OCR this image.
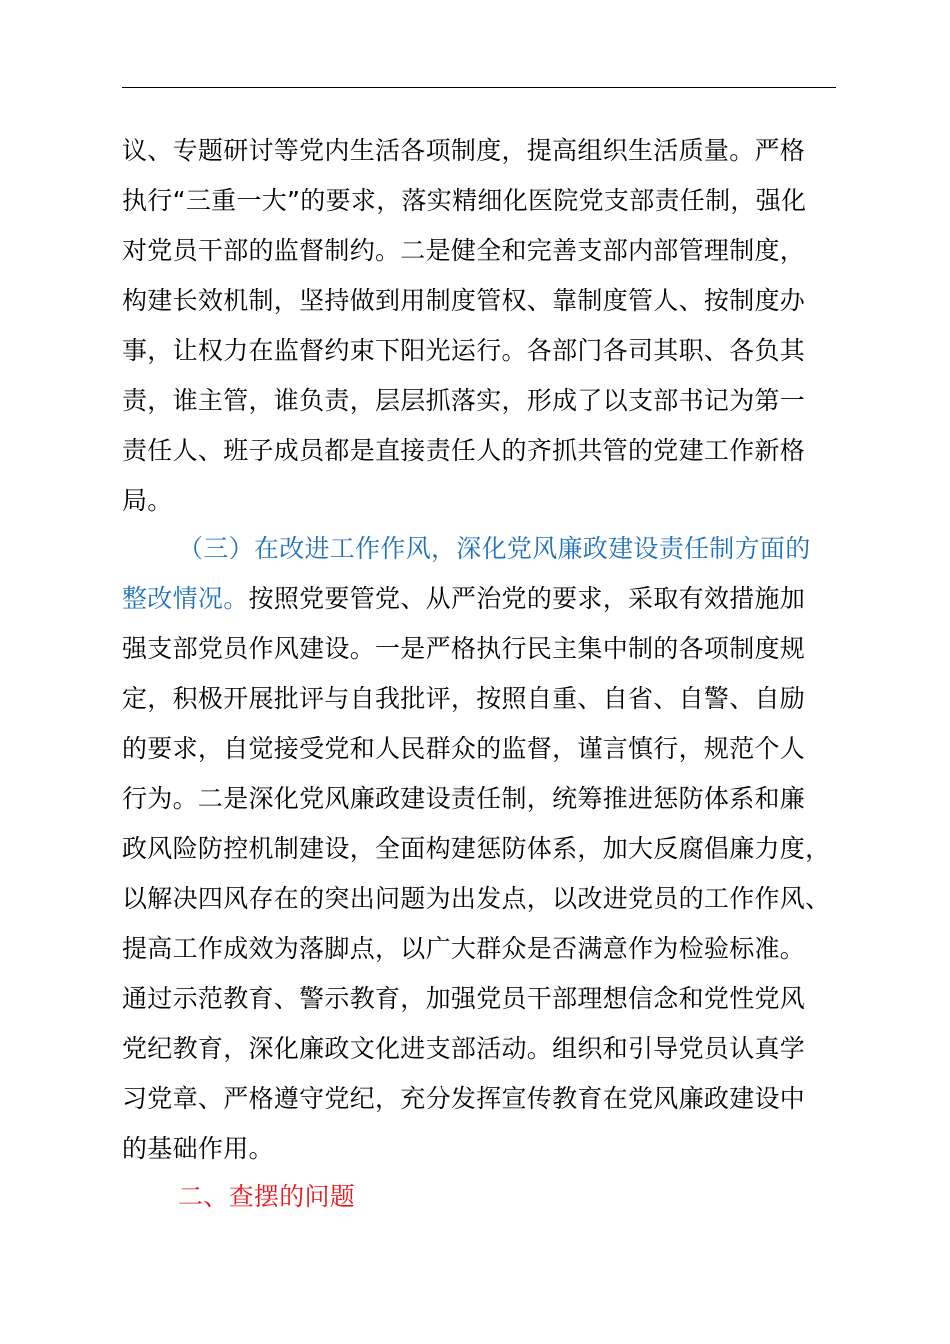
议、专题研讨等党内生活各项制度，提高组织生活质量。严格
执行“三重一大”的要求，落实精细化医院党支部责任制，强化
对党员干部的监督制约。二是健全和完善支部内部管理制度，
构建长效机制，坚持做到用制度管权、靠制度管人、按制度办
事，让权力在监督约束下阳光运行。各部门各司其职、各负其
责，谁主管，谁负责，层层抓落实，形成了以支部书记为第一
责任人、班子成员都是直接责任人的齐抓共管的党建工作新格
局。
（三）在改进工作作风，深化党风廉政建设责任制方面的
整改情况。按照党要管党、从严治党的要求，采取有效措施加
强支部党员作风建设。一是严格执行民主集中制的各项制度规
定，积极开展批评与自我批评，按照自重、自省、自警、自励
的要求，自觉接受党和人民群众的监督，谨言慎行，规范个人
行为。二是深化党风廉政建设责任制，统筹推进惩防体系和廉
政风险防控机制建设，全面构建惩防体系，加大反腐倡廉力度，
以解决四风存在的突出问题为出发点，以改进党员的工作作风、
提高工作成效为落脚点，以广大群众是否满意作为检验标准。
通过示范教育、警示教育，加强党员干部理想信念和党性党风
党纪教育，深化廉政文化进支部活动。组织和引导党员认真学
习党章、严格遵守党纪，充分发挥宣传教育在党风廉政建设中
的基础作用。
二、查摆的问题
